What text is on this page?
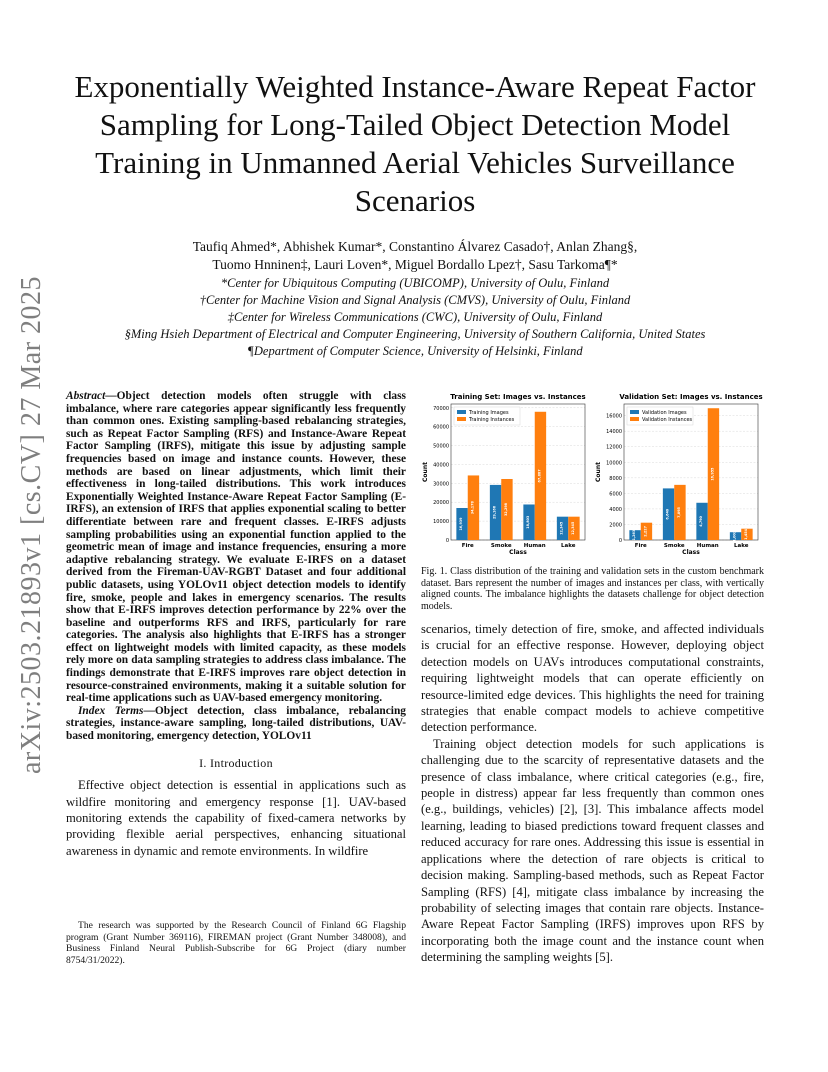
arXiv:2503.21893v1 [cs.CV] 27 Mar 2025
Exponentially Weighted Instance-Aware Repeat Factor Sampling for Long-Tailed Object Detection Model Training in Unmanned Aerial Vehicles Surveillance Scenarios
Taufiq Ahmed*, Abhishek Kumar*, Constantino Álvarez Casado†, Anlan Zhang§,
Tuomo Hnninen‡, Lauri Loven*, Miguel Bordallo Lpez†, Sasu Tarkoma¶*
*Center for Ubiquitous Computing (UBICOMP), University of Oulu, Finland
†Center for Machine Vision and Signal Analysis (CMVS), University of Oulu, Finland
‡Center for Wireless Communications (CWC), University of Oulu, Finland
§Ming Hsieh Department of Electrical and Computer Engineering, University of Southern California, United States
¶Department of Computer Science, University of Helsinki, Finland

Abstract—Object detection models often struggle with class imbalance, where rare categories appear significantly less frequently than common ones. Existing sampling-based rebalancing strategies, such as Repeat Factor Sampling (RFS) and Instance-Aware Repeat Factor Sampling (IRFS), mitigate this issue by adjusting sample frequencies based on image and instance counts. However, these methods are based on linear adjustments, which limit their effectiveness in long-tailed distributions. This work introduces Exponentially Weighted Instance-Aware Repeat Factor Sampling (E-IRFS), an extension of IRFS that applies exponential scaling to better differentiate between rare and frequent classes. E-IRFS adjusts sampling probabilities using an exponential function applied to the geometric mean of image and instance frequencies, ensuring a more adaptive rebalancing strategy. We evaluate E-IRFS on a dataset derived from the Fireman-UAV-RGBT Dataset and four additional public datasets, using YOLOv11 object detection models to identify fire, smoke, people and lakes in emergency scenarios. The results show that E-IRFS improves detection performance by 22% over the baseline and outperforms RFS and IRFS, particularly for rare categories. The analysis also highlights that E-IRFS has a stronger effect on lightweight models with limited capacity, as these models rely more on data sampling strategies to address class imbalance. The findings demonstrate that E-IRFS improves rare object detection in resource-constrained environments, making it a suitable solution for real-time applications such as UAV-based emergency monitoring.

Index Terms—Object detection, class imbalance, rebalancing strategies, instance-aware sampling, long-tailed distributions, UAV-based monitoring, emergency detection, YOLOv11

I. Introduction

Effective object detection is essential in applications such as wildfire monitoring and emergency response [1]. UAV-based monitoring extends the capability of fixed-camera networks by providing flexible aerial perspectives, enhancing situational awareness in dynamic and remote environments. In wildfire

The research was supported by the Research Council of Finland 6G Flagship program (Grant Number 369116), FIREMAN project (Grant Number 348008), and Business Finland Neural Publish-Subscribe for 6G Project (diary number 8754/31/2022).
Training Set: Images vs. Instances
0
10000
20000
30000
40000
50000
60000
70000
16,939
34,178
Fire
29,166 32,298
Smoke
18,803
67,887
Human
12,345 12,345
Lake
Class
Count
Training Images
Training Instances
Validation Set: Images vs. Instances
0
2000
4000
6000
8000
10000
12000
14000
16000
1,263 2,227
Fire
6,640 7,095
Smoke
4,790
16,955
Human
1,002 1,454
Lake
Class
Count
Validation Images
Validation Instances
Fig. 1. Class distribution of the training and validation sets in the custom benchmark dataset. Bars represent the number of images and instances per class, with vertically aligned counts. The imbalance highlights the datasets challenge for object detection models.

scenarios, timely detection of fire, smoke, and affected individuals is crucial for an effective response. However, deploying object detection models on UAVs introduces computational constraints, requiring lightweight models that can operate efficiently on resource-limited edge devices. This highlights the need for training strategies that enable compact models to achieve competitive detection performance.

Training object detection models for such applications is challenging due to the scarcity of representative datasets and the presence of class imbalance, where critical categories (e.g., fire, people in distress) appear far less frequently than common ones (e.g., buildings, vehicles) [2], [3]. This imbalance affects model learning, leading to biased predictions toward frequent classes and reduced accuracy for rare ones. Addressing this issue is essential in applications where the detection of rare objects is critical to decision making. Sampling-based methods, such as Repeat Factor Sampling (RFS) [4], mitigate class imbalance by increasing the probability of selecting images that contain rare objects. Instance-Aware Repeat Factor Sampling (IRFS) improves upon RFS by incorporating both the image count and the instance count when determining the sampling weights [5].
